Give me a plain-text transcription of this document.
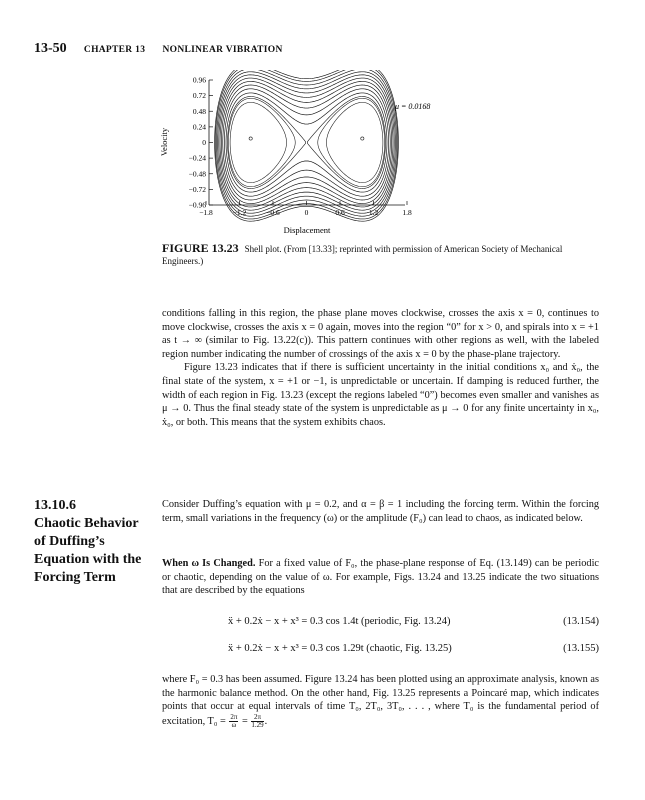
13-50 CHAPTER 13 NONLINEAR VIBRATION
0.96
0.72
0.48
0.24
0
−0.24
−0.48
−0.72
−0.96
−1.8	−1.2	−0.6	0	0.6	1.2	1.8
Velocity
Displacement
μ = 0.0168
FIGURE 13.23 Shell plot. (From [13.33]; reprinted with permission of American Society of Mechanical Engineers.)

conditions falling in this region, the phase plane moves clockwise, crosses the axis x = 0, continues to move clockwise, crosses the axis x = 0 again, moves into the region “0” for x > 0, and spirals into x = +1 as t → ∞ (similar to Fig. 13.22(c)). This pattern continues with other regions as well, with the labeled region number indicating the number of crossings of the axis x = 0 by the phase-plane trajectory.

Figure 13.23 indicates that if there is sufficient uncertainty in the initial conditions x₀ and ẋ₀, the final state of the system, x = +1 or −1, is unpredictable or uncertain. If damping is reduced further, the width of each region in Fig. 13.23 (except the regions labeled “0”) becomes even smaller and vanishes as μ → 0. Thus the final steady state of the system is unpredictable as μ → 0 for any finite uncertainty in x₀, ẋ₀, or both. This means that the system exhibits chaos.

13.10.6
Chaotic Behavior of Duffing’s Equation with the Forcing Term

Consider Duffing’s equation with μ = 0.2, and α = β = 1 including the forcing term. Within the forcing term, small variations in the frequency (ω) or the amplitude (F₀) can lead to chaos, as indicated below.

When ω Is Changed. For a fixed value of F₀, the phase-plane response of Eq. (13.149) can be periodic or chaotic, depending on the value of ω. For example, Figs. 13.24 and 13.25 indicate the two situations that are described by the equations

ẍ + 0.2ẋ − x + x³ = 0.3 cos 1.4t (periodic, Fig. 13.24)	(13.154)
ẍ + 0.2ẋ − x + x³ = 0.3 cos 1.29t (chaotic, Fig. 13.25)	(13.155)

where F₀ = 0.3 has been assumed. Figure 13.24 has been plotted using an approximate analysis, known as the harmonic balance method. On the other hand, Fig. 13.25 represents a Poincaré map, which indicates points that occur at equal intervals of time T₀, 2T₀, 3T₀, . . . , where T₀ is the fundamental period of excitation, $T_0 = \frac{2\pi}{\omega} = \frac{2\pi}{1.29}$ .
